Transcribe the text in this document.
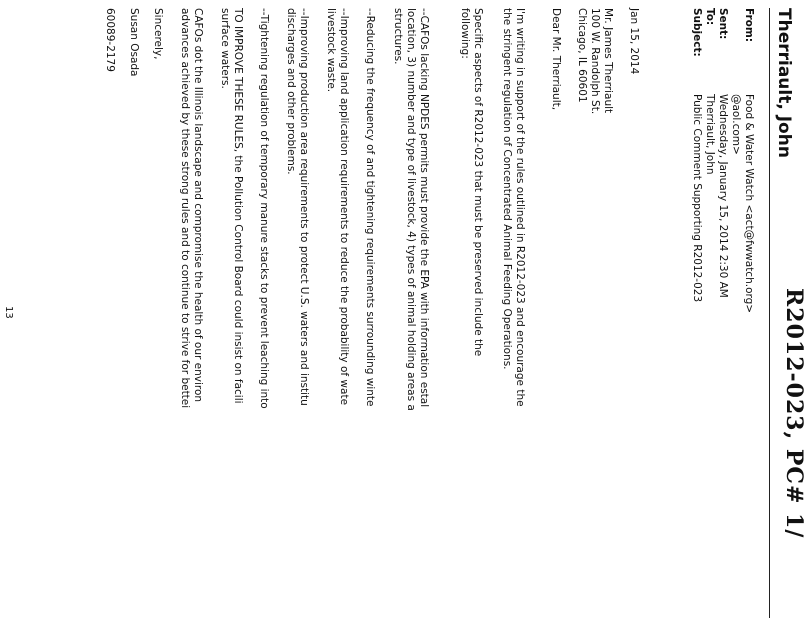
Therriault, John
R2012-023, PC# 1/
From:
Food & Water Watch <act@fwwatch.org>
@aol.com>
Sent:
Wednesday, January 15, 2014 2:30 AM
To:
Therriault, John
Subject:
Public Comment Supporting R2012-023
Jan 15, 2014
Mr. James Therriault
100 W. Randolph St.
Chicago, IL 60601
Dear Mr. Therriault,
I'm writing in support of the rules outlined in R2012-023 and encourage the
the stringent regulation of Concentrated Animal Feeding Operations.
Specific aspects of R2012-023 that must be preserved include the
following:
--CAFOs lacking NPDES permits must provide the EPA with information estal
location, 3) number and type of livestock, 4) types of animal holding areas a
structures.
--Reducing the frequency of and tightening requirements surrounding winte
--Improving land application requirements to reduce the probability of wate
livestock waste.
--Improving production area requirements to protect U.S. waters and institu
discharges and other problems.
--Tightening regulation of temporary manure stacks to prevent leaching into
TO IMPROVE THESE RULES, the Pollution Control Board could insist on facili
surface waters.
CAFOs dot the Illinois landscape and compromise the health of our environ
advances achieved by these strong rules and to continue to strive for bettei
Sincerely,
Susan Osada
60089-2179
13
